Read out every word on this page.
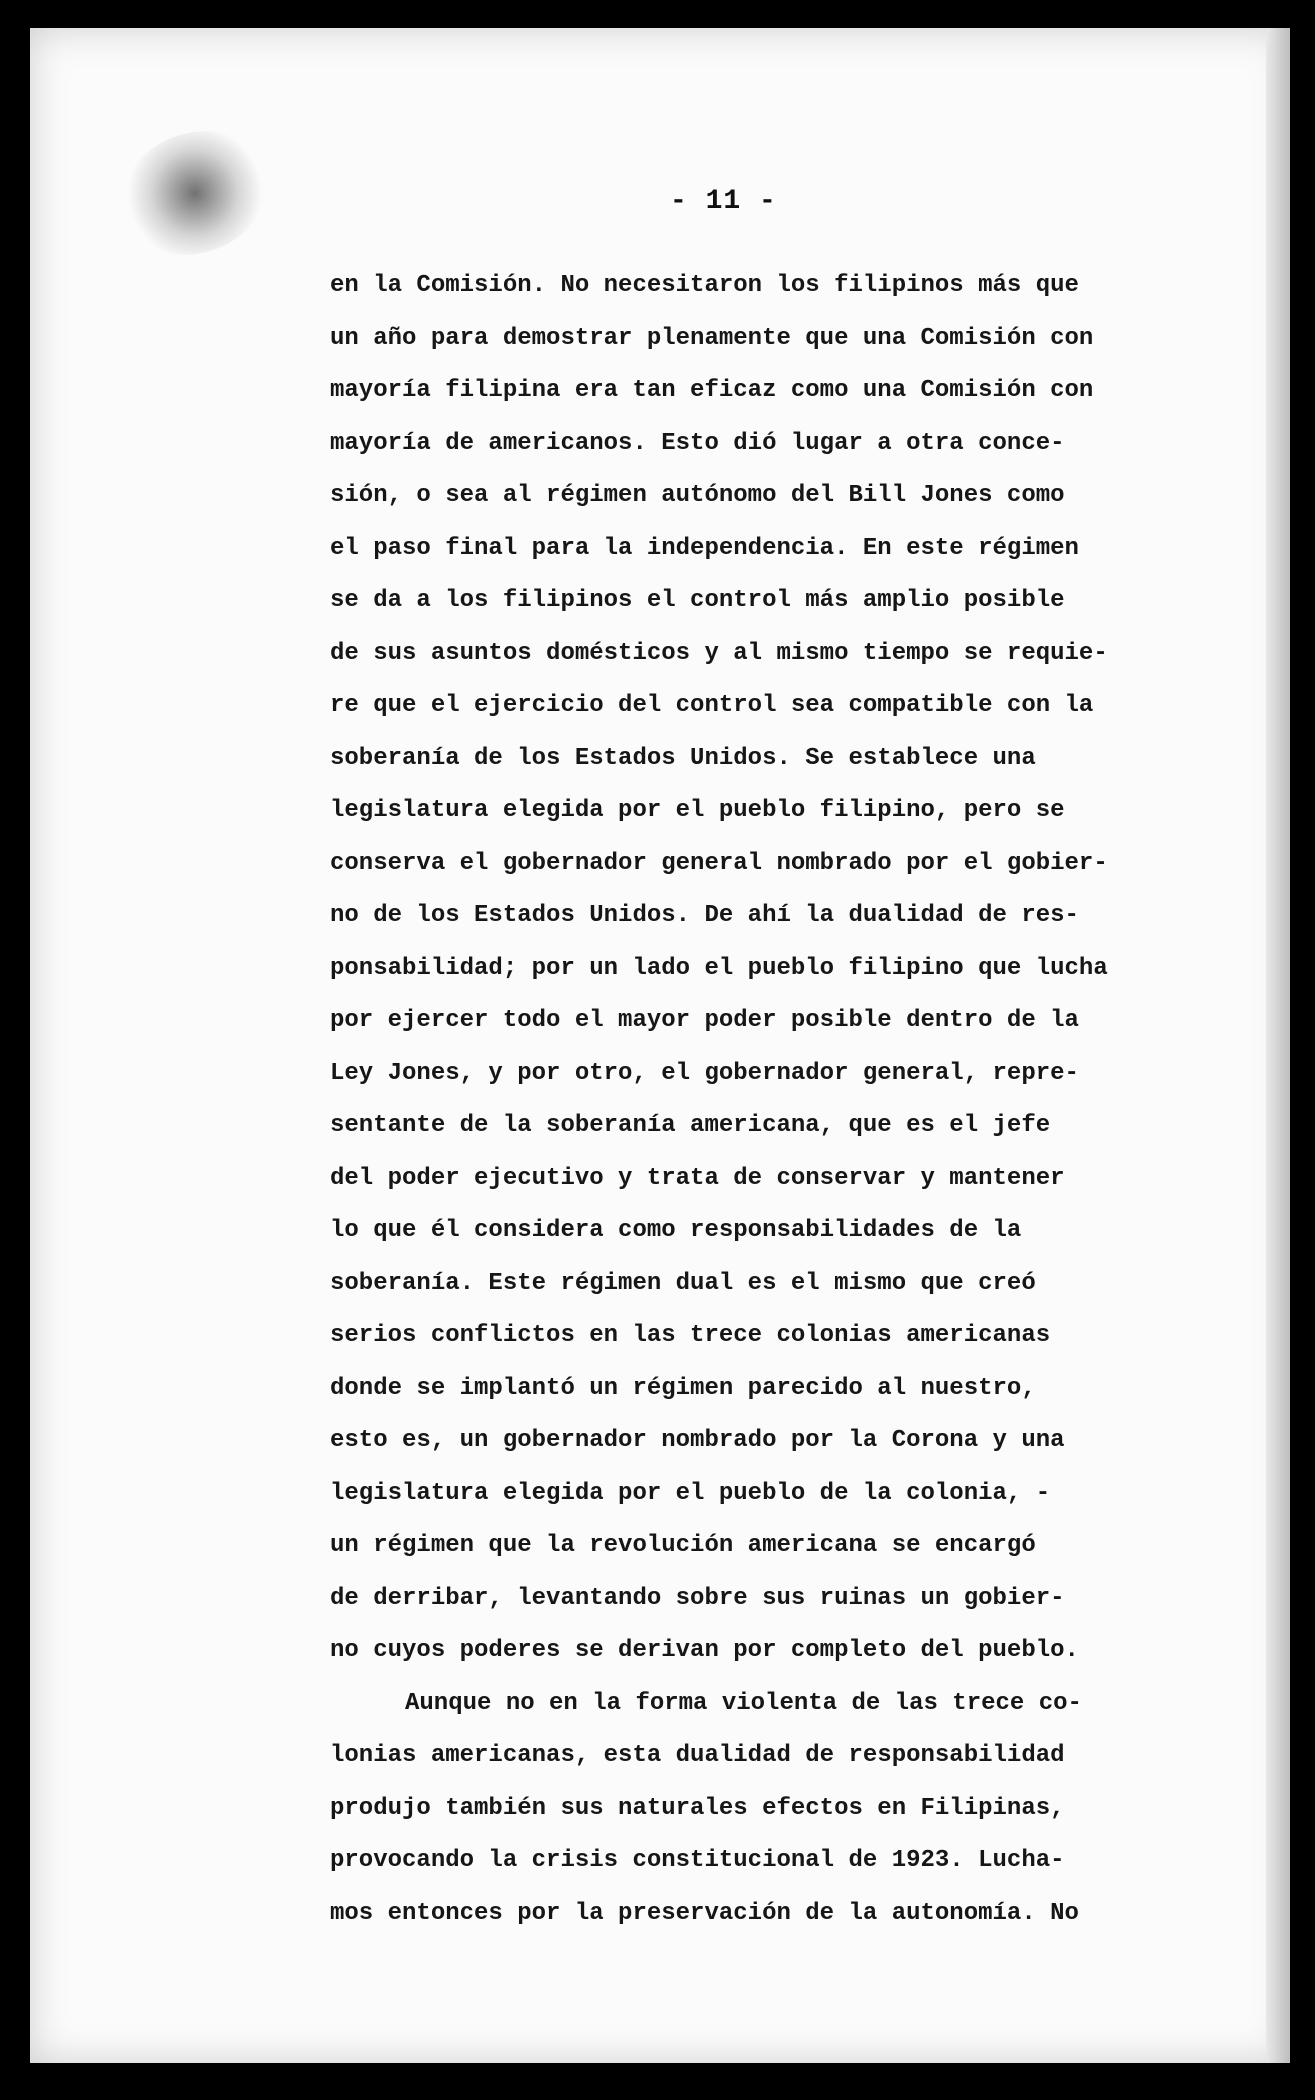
- 11 -
en la Comisión. No necesitaron los filipinos más que
un año para demostrar plenamente que una Comisión con
mayoría filipina era tan eficaz como una Comisión con
mayoría de americanos. Esto dió lugar a otra conce-
sión, o sea al régimen autónomo del Bill Jones como
el paso final para la independencia. En este régimen
se da a los filipinos el control más amplio posible
de sus asuntos domésticos y al mismo tiempo se requie-
re que el ejercicio del control sea compatible con la
soberanía de los Estados Unidos. Se establece una
legislatura elegida por el pueblo filipino, pero se
conserva el gobernador general nombrado por el gobier-
no de los Estados Unidos. De ahí la dualidad de res-
ponsabilidad; por un lado el pueblo filipino que lucha
por ejercer todo el mayor poder posible dentro de la
Ley Jones, y por otro, el gobernador general, repre-
sentante de la soberanía americana, que es el jefe
del poder ejecutivo y trata de conservar y mantener
lo que él considera como responsabilidades de la
soberanía. Este régimen dual es el mismo que creó
serios conflictos en las trece colonias americanas
donde se implantó un régimen parecido al nuestro,
esto es, un gobernador nombrado por la Corona y una
legislatura elegida por el pueblo de la colonia, -
un régimen que la revolución americana se encargó
de derribar, levantando sobre sus ruinas un gobier-
no cuyos poderes se derivan por completo del pueblo.
Aunque no en la forma violenta de las trece co-
lonias americanas, esta dualidad de responsabilidad
produjo también sus naturales efectos en Filipinas,
provocando la crisis constitucional de 1923. Lucha-
mos entonces por la preservación de la autonomía. No
